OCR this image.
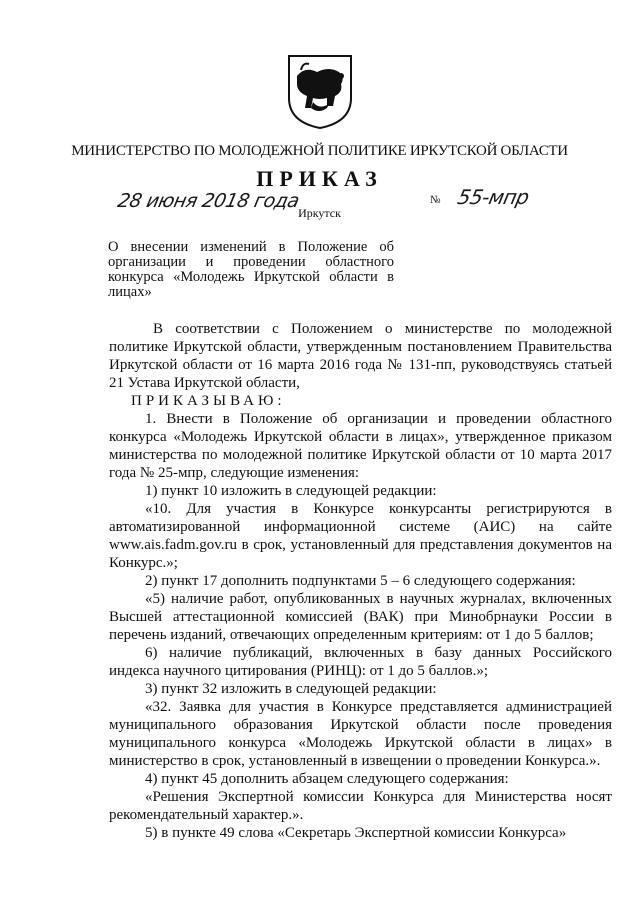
МИНИСТЕРСТВО ПО МОЛОДЕЖНОЙ ПОЛИТИКЕ ИРКУТСКОЙ ОБЛАСТИ
ПРИКАЗ
28 июня 2018 года	№ 55-мпр
Иркутск
О внесении изменений в Положение об организации и проведении областного конкурса «Молодежь Иркутской области в лицах»

В соответствии с Положением о министерстве по молодежной политике Иркутской области, утвержденным постановлением Правительства Иркутской области от 16 марта 2016 года № 131-пп, руководствуясь статьей 21 Устава Иркутской области,

ПРИКАЗЫВАЮ:

1. Внести в Положение об организации и проведении областного конкурса «Молодежь Иркутской области в лицах», утвержденное приказом министерства по молодежной политике Иркутской области от 10 марта 2017 года № 25-мпр, следующие изменения:

1) пункт 10 изложить в следующей редакции:

«10. Для участия в Конкурсе конкурсанты регистрируются в автоматизированной информационной системе (АИС) на сайте www.ais.fadm.gov.ru в срок, установленный для представления документов на Конкурс.»;

2) пункт 17 дополнить подпунктами 5 – 6 следующего содержания:

«5) наличие работ, опубликованных в научных журналах, включенных Высшей аттестационной комиссией (ВАК) при Минобрнауки России в перечень изданий, отвечающих определенным критериям: от 1 до 5 баллов;

6) наличие публикаций, включенных в базу данных Российского индекса научного цитирования (РИНЦ): от 1 до 5 баллов.»;

3) пункт 32 изложить в следующей редакции:

«32. Заявка для участия в Конкурсе представляется администрацией муниципального образования Иркутской области после проведения муниципального конкурса «Молодежь Иркутской области в лицах» в министерство в срок, установленный в извещении о проведении Конкурса.».

4) пункт 45 дополнить абзацем следующего содержания:

«Решения Экспертной комиссии Конкурса для Министерства носят рекомендательный характер.».

5) в пункте 49 слова «Секретарь Экспертной комиссии Конкурса»
